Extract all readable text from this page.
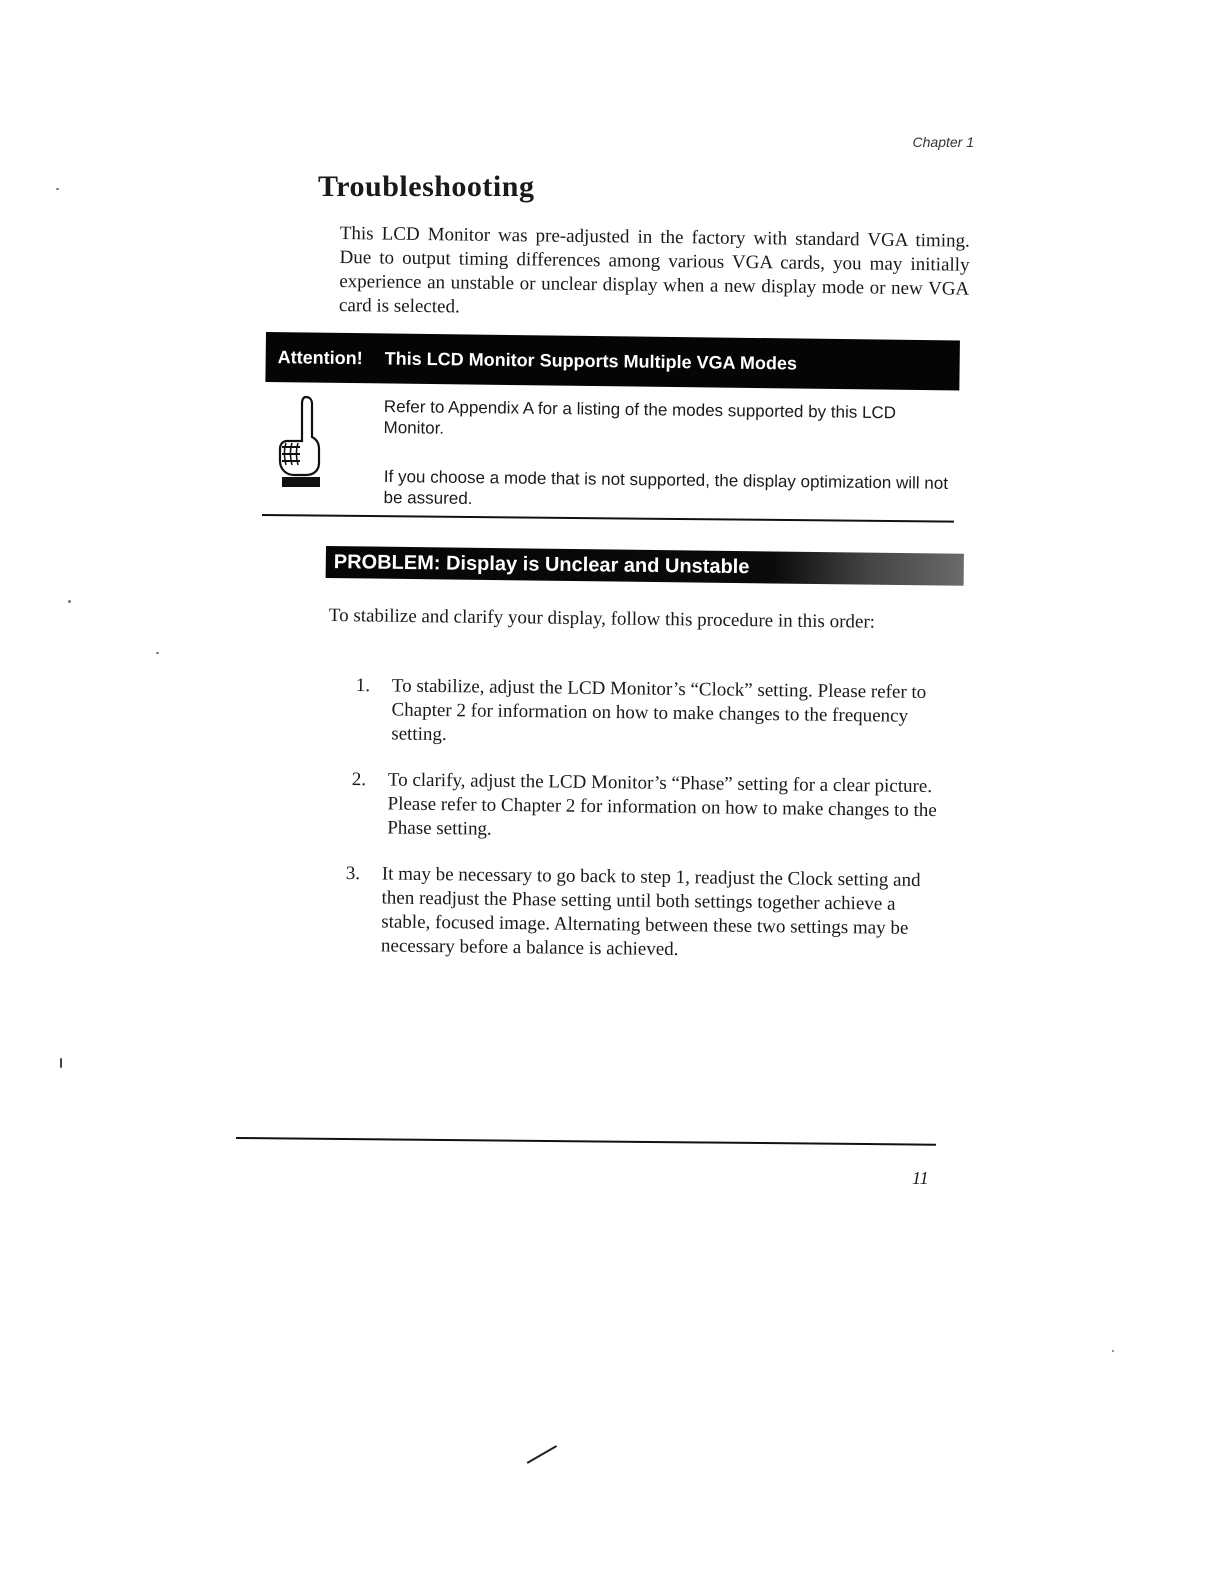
Chapter 1
Troubleshooting

This LCD Monitor was pre-adjusted in the factory with standard VGA timing. Due to output timing differences among various VGA cards, you may initially experience an unstable or unclear display when a new display mode or new VGA card is selected.

Attention! This LCD Monitor Supports Multiple VGA Modes

Refer to Appendix A for a listing of the modes supported by this LCD Monitor.

If you choose a mode that is not supported, the display optimization will not be assured.

PROBLEM: Display is Unclear and Unstable

To stabilize and clarify your display, follow this procedure in this order:

1.	To stabilize, adjust the LCD Monitor’s “Clock” setting. Please refer to Chapter 2 for information on how to make changes to the frequency setting.
2.	To clarify, adjust the LCD Monitor’s “Phase” setting for a clear picture. Please refer to Chapter 2 for information on how to make changes to the Phase setting.
3.	It may be necessary to go back to step 1, readjust the Clock setting and then readjust the Phase setting until both settings together achieve a stable, focused image. Alternating between these two settings may be necessary before a balance is achieved.
11
